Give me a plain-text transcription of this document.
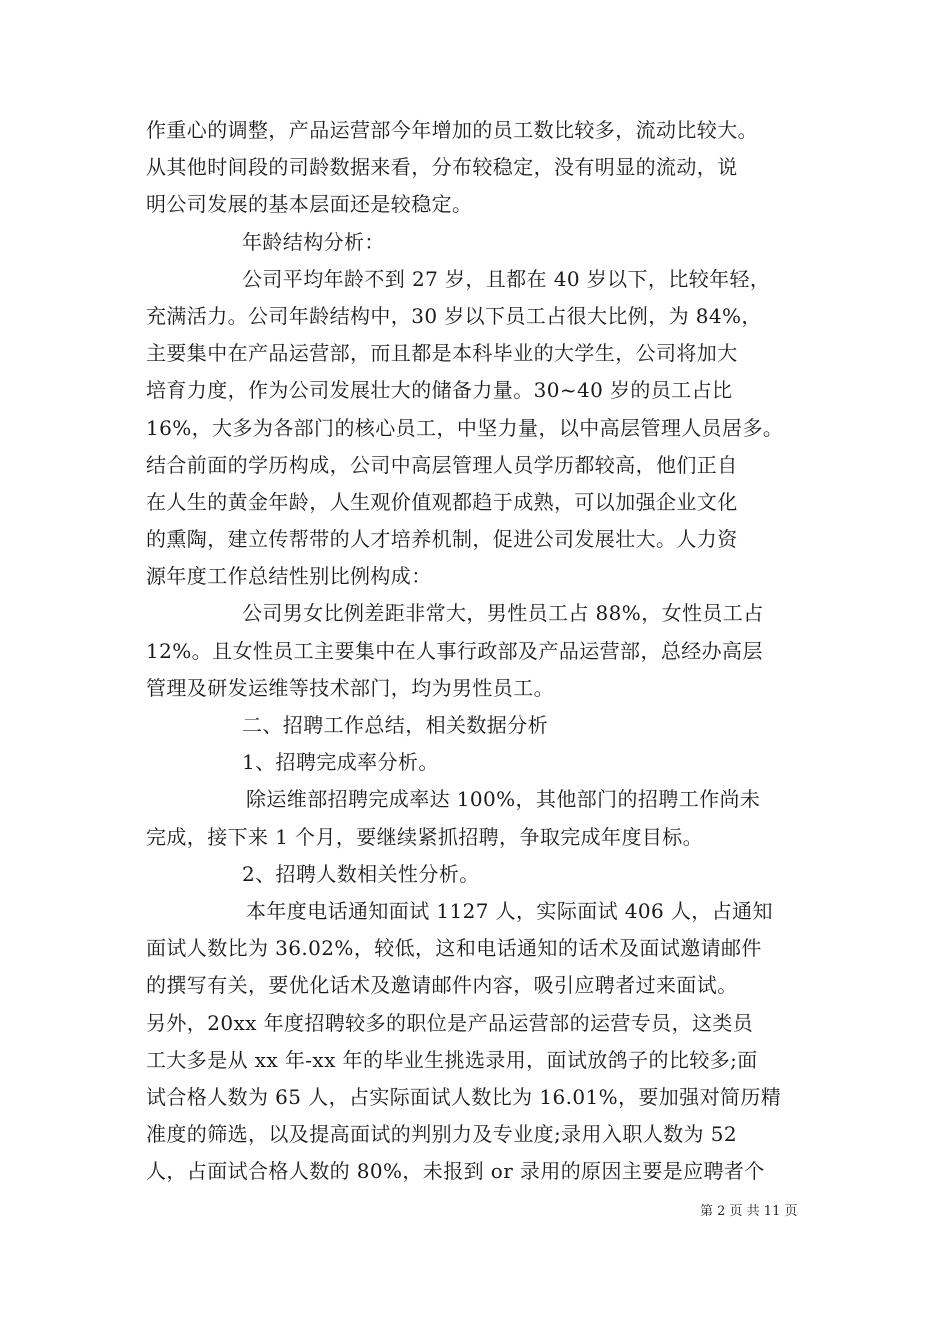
作重心的调整，产品运营部今年增加的员工数比较多，流动比较大。
从其他时间段的司龄数据来看，分布较稳定，没有明显的流动，说
明公司发展的基本层面还是较稳定。
年龄结构分析：
公司平均年龄不到 27 岁，且都在 40 岁以下，比较年轻，
充满活力。公司年龄结构中，30 岁以下员工占很大比例，为 84%，
主要集中在产品运营部，而且都是本科毕业的大学生，公司将加大
培育力度，作为公司发展壮大的储备力量。30~40 岁的员工占比
16%，大多为各部门的核心员工，中坚力量，以中高层管理人员居多。
结合前面的学历构成，公司中高层管理人员学历都较高，他们正自
在人生的黄金年龄，人生观价值观都趋于成熟，可以加强企业文化
的熏陶，建立传帮带的人才培养机制，促进公司发展壮大。人力资
源年度工作总结性别比例构成：
公司男女比例差距非常大，男性员工占 88%，女性员工占
12%。且女性员工主要集中在人事行政部及产品运营部，总经办高层
管理及研发运维等技术部门，均为男性员工。
二、招聘工作总结，相关数据分析
1、招聘完成率分析。
除运维部招聘完成率达 100%，其他部门的招聘工作尚未
完成，接下来 1 个月，要继续紧抓招聘，争取完成年度目标。
2、招聘人数相关性分析。
本年度电话通知面试 1127 人，实际面试 406 人，占通知
面试人数比为 36.02%，较低，这和电话通知的话术及面试邀请邮件
的撰写有关，要优化话术及邀请邮件内容，吸引应聘者过来面试。
另外，20xx 年度招聘较多的职位是产品运营部的运营专员，这类员
工大多是从 xx 年-xx 年的毕业生挑选录用，面试放鸽子的比较多;面
试合格人数为 65 人，占实际面试人数比为 16.01%，要加强对简历精
准度的筛选，以及提高面试的判别力及专业度;录用入职人数为 52
人，占面试合格人数的 80%，未报到 or 录用的原因主要是应聘者个
第 2 页 共 11 页
